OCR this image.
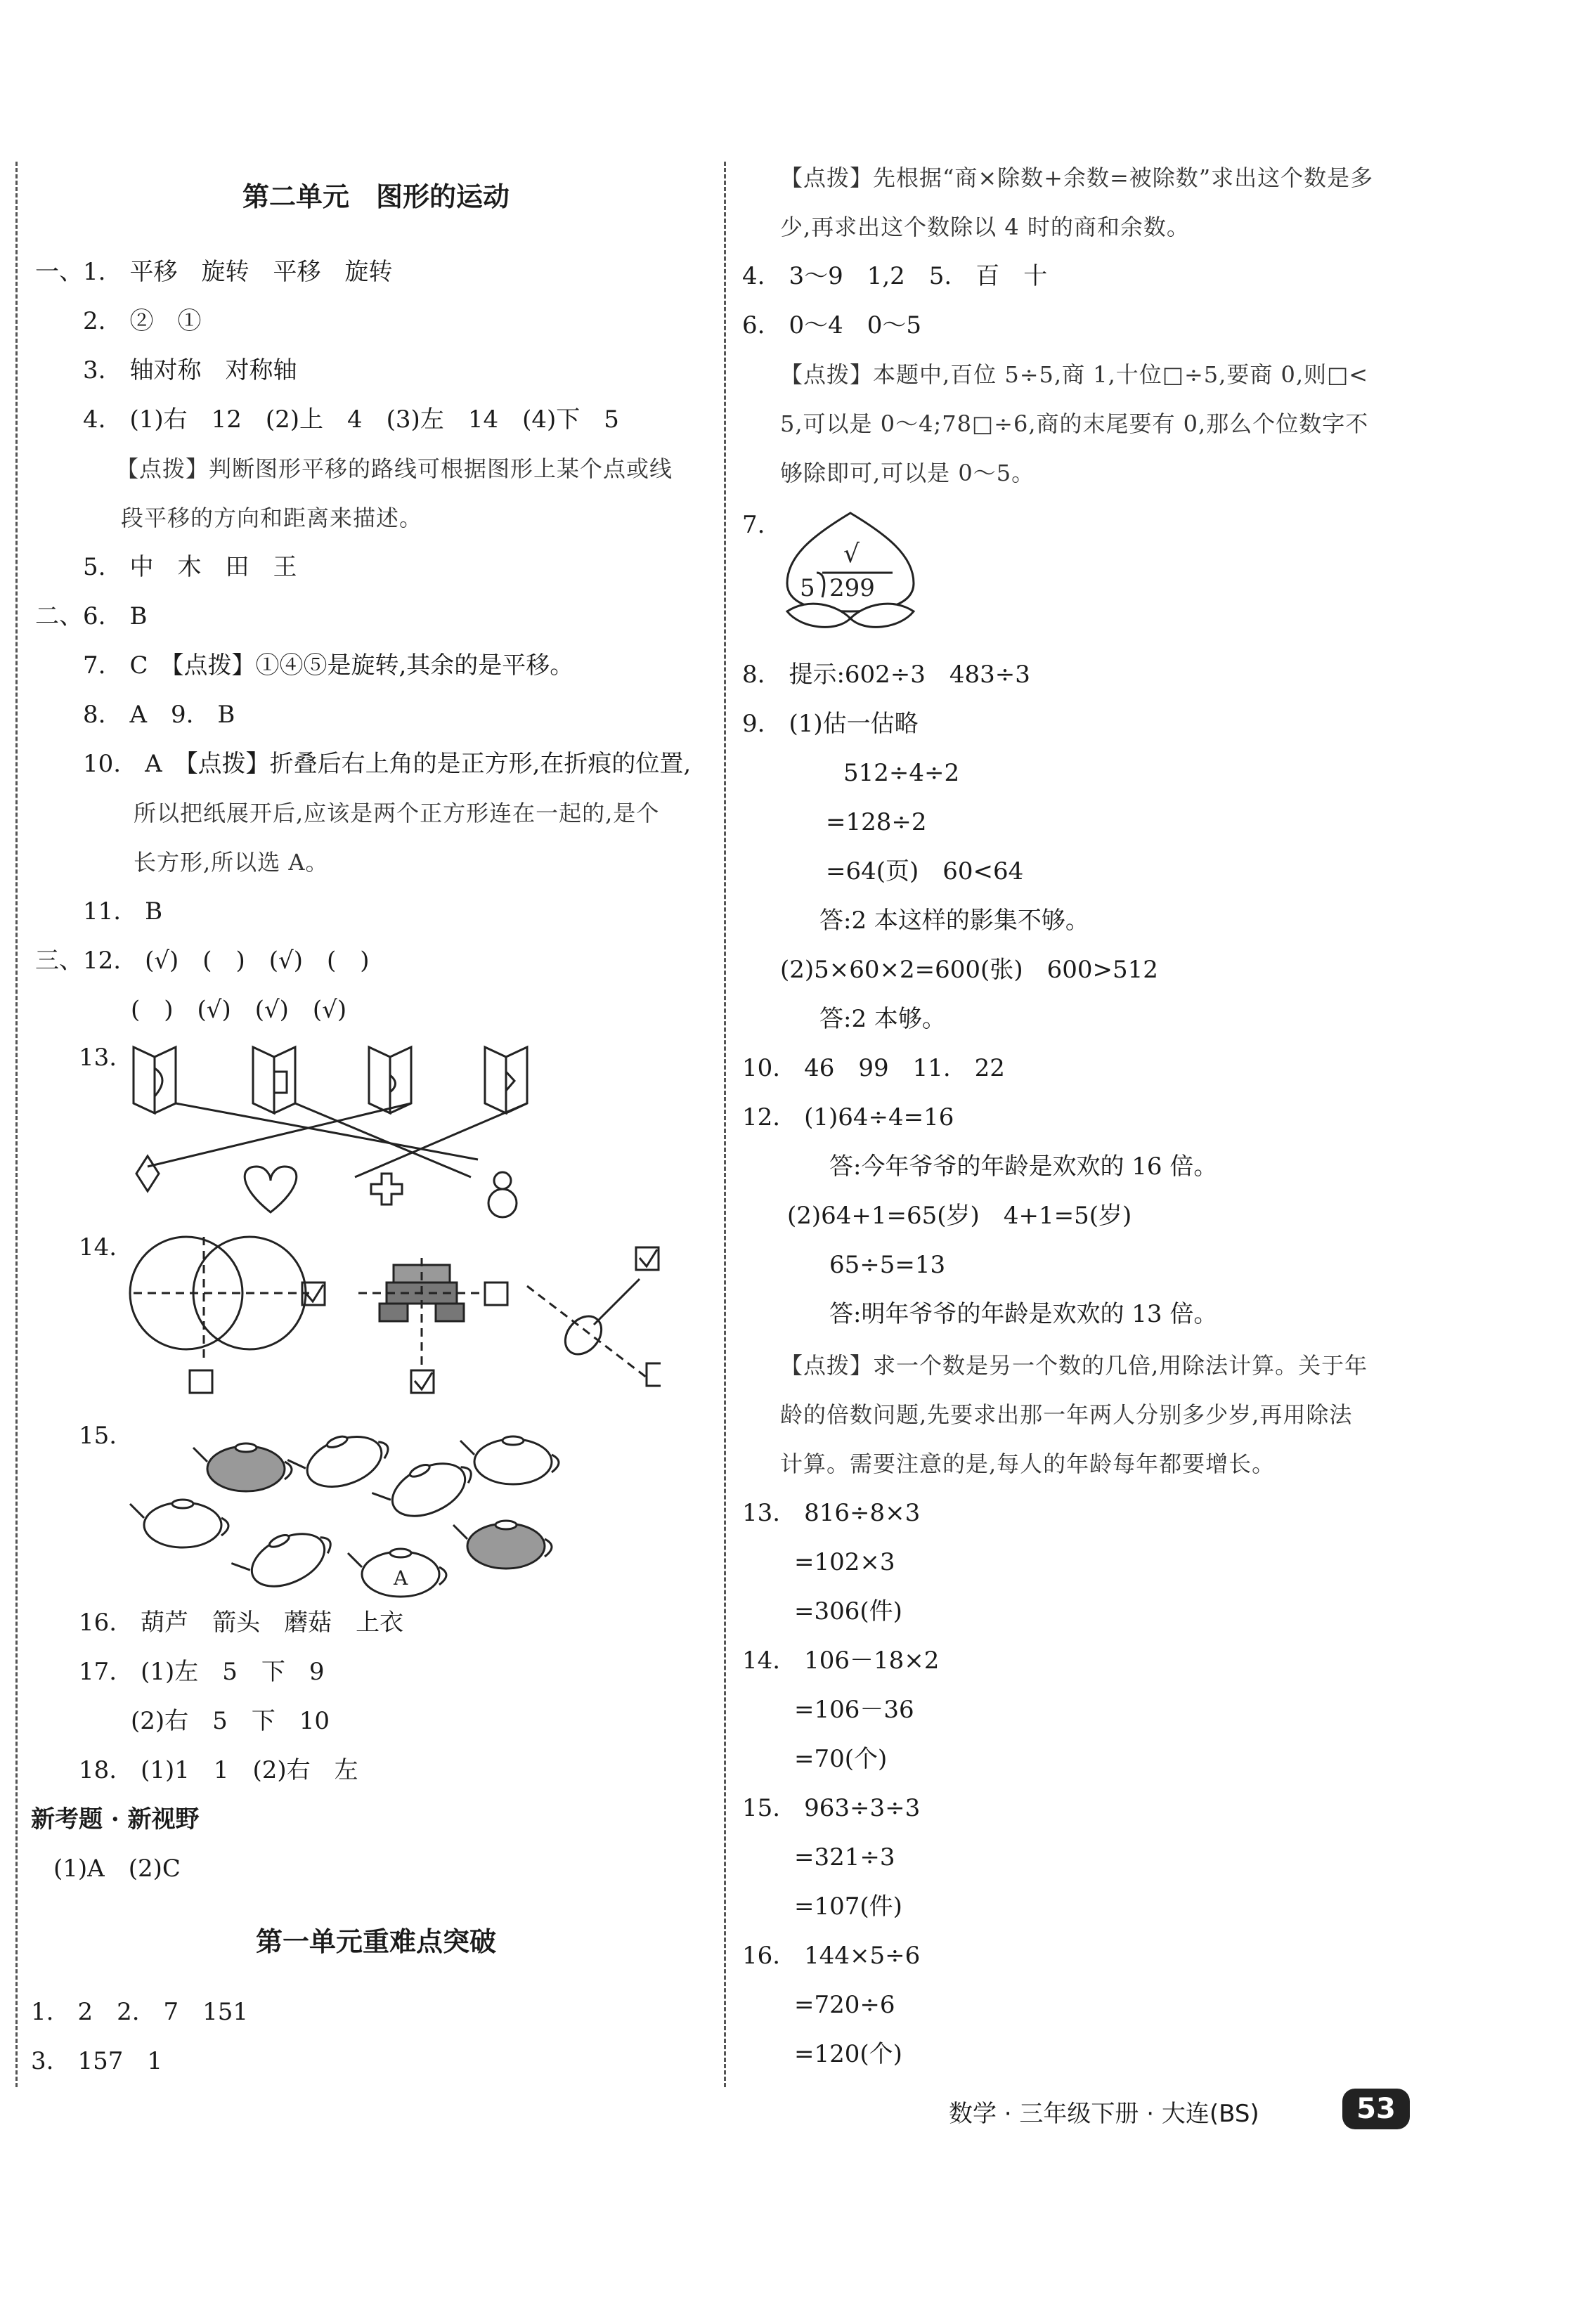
第二单元　图形的运动
一、1.　平移　旋转　平移　旋转
2.　②　①
3.　轴对称　对称轴
4.　(1)右　12　(2)上　4　(3)左　14　(4)下　5
【点拨】判断图形平移的路线可根据图形上某个点或线
段平移的方向和距离来描述。
5.　中　木　田　王
二、6.　B
7.　C　【点拨】①④⑤是旋转,其余的是平移。
8.　A　9.　B
10.　A　【点拨】折叠后右上角的是正方形,在折痕的位置,
所以把纸展开后,应该是两个正方形连在一起的,是个
长方形,所以选 A。
11.　B
三、12.　(√)　(　)　(√)　(　)
(　)　(√)　(√)　(√)
13.
14.
15.
A
16.　葫芦　箭头　蘑菇　上衣
17.　(1)左　5　下　9
(2)右　5　下　10
18.　(1)1　1　(2)右　左
新考题 · 新视野
(1)A　(2)C
第一单元重难点突破
1.　2　2.　7　151
3.　157　1
【点拨】先根据“商×除数+余数=被除数”求出这个数是多
少,再求出这个数除以 4 时的商和余数。
4.　3～9　1,2　5.　百　十
6.　0～4　0～5
【点拨】本题中,百位 5÷5,商 1,十位□÷5,要商 0,则□<
5,可以是 0～4;78□÷6,商的末尾要有 0,那么个位数字不
够除即可,可以是 0～5。
7.
√
5 299
8.　提示:602÷3　483÷3
9.　(1)估一估略
512÷4÷2
=128÷2
=64(页)　60<64
答:2 本这样的影集不够。
(2)5×60×2=600(张)　600>512
答:2 本够。
10.　46　99　11.　22
12.　(1)64÷4=16
答:今年爷爷的年龄是欢欢的 16 倍。
(2)64+1=65(岁)　4+1=5(岁)
65÷5=13
答:明年爷爷的年龄是欢欢的 13 倍。
【点拨】求一个数是另一个数的几倍,用除法计算。关于年
龄的倍数问题,先要求出那一年两人分别多少岁,再用除法
计算。需要注意的是,每人的年龄每年都要增长。
13.　816÷8×3
=102×3
=306(件)
14.　106－18×2
=106－36
=70(个)
15.　963÷3÷3
=321÷3
=107(件)
16.　144×5÷6
=720÷6
=120(个)
数学 · 三年级下册 · 大连(BS)	53
